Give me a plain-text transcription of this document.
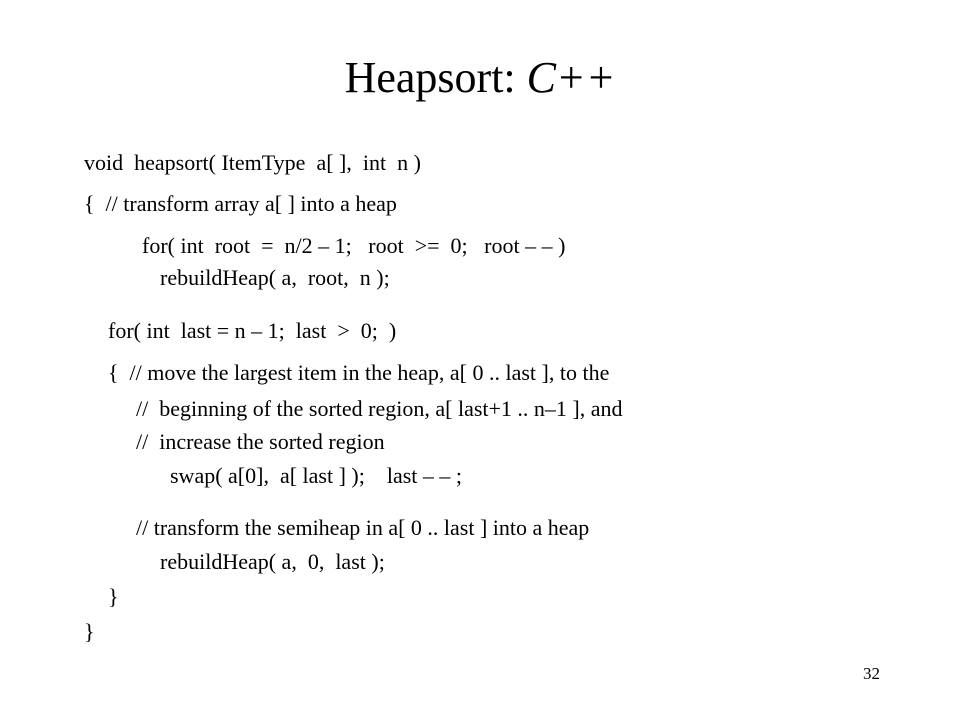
Heapsort: C++
void  heapsort( ItemType  a[ ],  int  n )
{  // transform array a[ ] into a heap
for( int  root  =  n/2 – 1;   root  >=  0;   root – – )
rebuildHeap( a,  root,  n );
for( int  last = n – 1;  last  >  0;  )
{  // move the largest item in the heap, a[ 0 .. last ], to the
//  beginning of the sorted region, a[ last+1 .. n–1 ], and
//  increase the sorted region
swap( a[0],  a[ last ] );    last – – ;
// transform the semiheap in a[ 0 .. last ] into a heap
rebuildHeap( a,  0,  last );
}
}
32
